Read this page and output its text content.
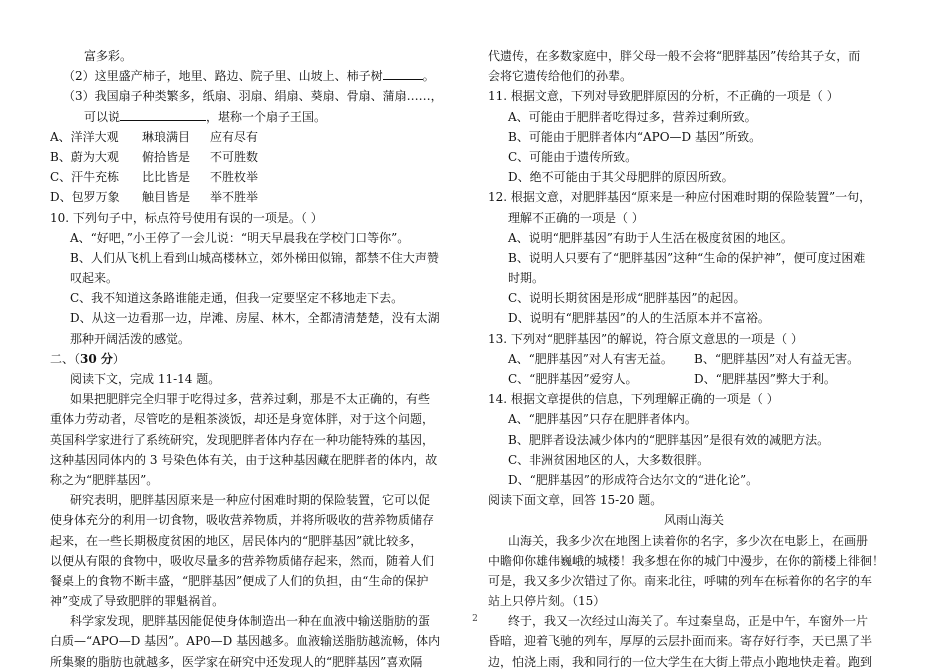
富多彩。
（2）这里盛产柿子，地里、路边、院子里、山坡上、柿子树	。
（3）我国扇子种类繁多，纸扇、羽扇、绢扇、葵扇、骨扇、蒲扇……，
可以说	，堪称一个扇子王国。
A、洋洋大观 琳琅满目 应有尽有
B、蔚为大观 俯拾皆是 不可胜数
C、汗牛充栋 比比皆是 不胜枚举
D、包罗万象 触目皆是 举不胜举
10. 下列句子中，标点符号使用有误的一项是。（ ）
A、“好吧，”小王停了一会儿说：“明天早晨我在学校门口等你”。
B、人们从飞机上看到山城高楼林立，郊外梯田似锦，都禁不住大声赞
叹起来。
C、我不知道这条路谁能走通，但我一定要坚定不移地走下去。
D、从这一边看那一边，岸滩、房屋、林木，全都清清楚楚，没有太湖
那种开阔活泼的感觉。
二、（30 分）
阅读下文，完成 11-14 题。
如果把肥胖完全归罪于吃得过多，营养过剩，那是不太正确的，有些
重体力劳动者，尽管吃的是粗茶淡饭，却还是身宽体胖，对于这个问题，
英国科学家进行了系统研究，发现肥胖者体内存在一种功能特殊的基因，
这种基因同体内的 3 号染色体有关，由于这种基因藏在肥胖者的体内，故
称之为“肥胖基因”。
研究表明，肥胖基因原来是一种应付困难时期的保险装置，它可以促
使身体充分的利用一切食物，吸收营养物质，并将所吸收的营养物质储存
起来，在一些长期极度贫困的地区，居民体内的“肥胖基因”就比较多，
以便从有限的食物中，吸收尽量多的营养物质储存起来，然而，随着人们
餐桌上的食物不断丰盛，“肥胖基因”便成了人们的负担，由“生命的保护
神”变成了导致肥胖的罪魁祸首。
科学家发现，肥胖基因能促使身体制造出一种在血液中输送脂肪的蛋
白质—“APO—D 基因”。AP0—D 基因越多。血液输送脂肪越流畅，体内
所集聚的脂肪也就越多，医学家在研究中还发现人的“肥胖基因”喜欢隔
代遗传，在多数家庭中，胖父母一般不会将“肥胖基因”传给其子女，而
会将它遗传给他们的孙辈。
11. 根据文意，下列对导致肥胖原因的分析，不正确的一项是（ ）
A、可能由于肥胖者吃得过多，营养过剩所致。
B、可能由于肥胖者体内“APO—D 基因”所致。
C、可能由于遗传所致。
D、绝不可能由于其父母肥胖的原因所致。
12. 根据文意，对肥胖基因“原来是一种应付困难时期的保险装置”一句，
理解不正确的一项是（ ）
A、说明“肥胖基因”有助于人生活在极度贫困的地区。
B、说明人只要有了“肥胖基因”这种“生命的保护神”，便可度过困难
时期。
C、说明长期贫困是形成“肥胖基因”的起因。
D、说明有“肥胖基因”的人的生活原本并不富裕。
13. 下列对“肥胖基因”的解说，符合原文意思的一项是（ ）
A、“肥胖基因”对人有害无益。 B、“肥胖基因”对人有益无害。
C、“肥胖基因”爱穷人。	D、“肥胖基因”弊大于利。
14. 根据文章提供的信息，下列理解正确的一项是（ ）
A、“肥胖基因”只存在肥胖者体内。
B、肥胖者设法减少体内的“肥胖基因”是很有效的减肥方法。
C、非洲贫困地区的人，大多数很胖。
D、“肥胖基因”的形成符合达尔文的“进化论”。
阅读下面文章，回答 15-20 题。
风雨山海关
山海关，我多少次在地图上读着你的名字，多少次在电影上，在画册
中瞻仰你雄伟巍峨的城楼！我多想在你的城门中漫步，在你的箭楼上徘徊！
可是，我又多少次错过了你。南来北往，呼啸的列车在标着你的名字的车
站上只停片刻。（15）
终于，我又一次经过山海关了。车过秦皇岛，正是中午，车窗外一片
昏暗，迎着飞驰的列车，厚厚的云层扑面而来。寄存好行李，天已黑了半
边，怕浇上雨，我和同行的一位大学生在大街上带点小跑地快走着。跑到
2
